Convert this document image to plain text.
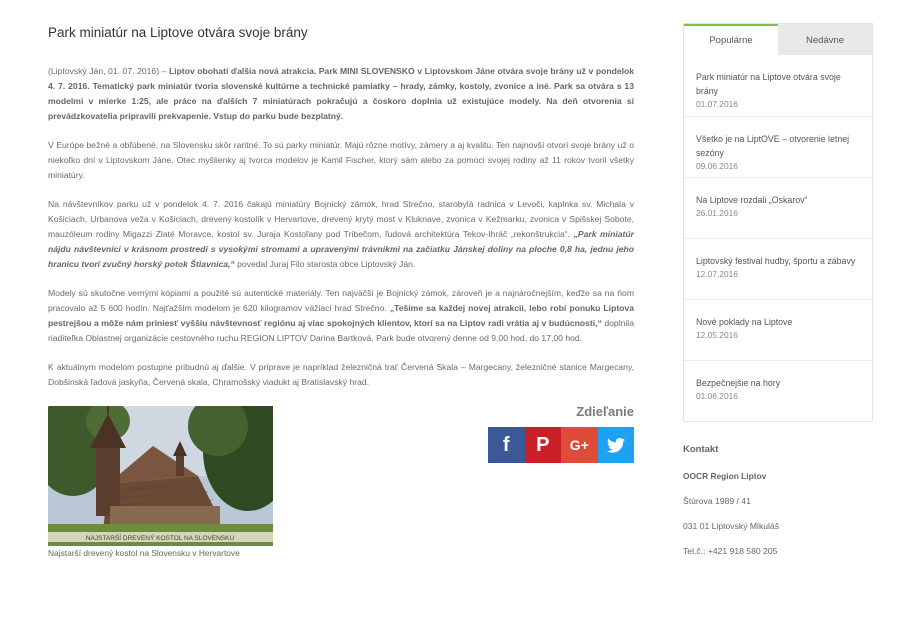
Park miniatúr na Liptove otvára svoje brány

(Liptovský Ján, 01. 07. 2016) – Liptov obohatí ďalšia nová atrakcia. Park MINI SLOVENSKO v Liptovskom Jáne otvára svoje brány už v pondelok 4. 7. 2016. Tematický park miniatúr tvoria slovenské kultúrne a technické pamiatky – hrady, zámky, kostoly, zvonice a iné. Park sa otvára s 13 modelmi v mierke 1:25, ale práce na ďalších 7 miniatúrach pokračujú a čoskoro doplnia už existujúce modely. Na deň otvorenia si prevádzkovatelia pripravili prekvapenie. Vstup do parku bude bezplatný.

V Európe bežné a obľúbené, na Slovensku skôr raritné. To sú parky miniatúr. Majú rôzne motívy, zámery a aj kvalitu. Ten najnovší otvorí svoje brány už o niekoľko dní v Liptovskom Jáne. Otec myšlienky aj tvorca modelov je Kamil Fischer, ktorý sám alebo za pomoci svojej rodiny až 11 rokov tvoril všetky miniatúry.

Na návštevníkov parku už v pondelok 4. 7. 2016 čakajú miniatúry Bojnický zámok, hrad Strečno, starobylá radnica v Levoči, kaplnka sv. Michala v Košiciach, Urbanova veža v Košiciach, drevený kostolík v Hervartove, drevený krytý most v Kluknave, zvonica v Kežmarku, zvonica v Spišskej Sobote, mauzóleum rodiny Migazzi Zlaté Moravce, kostol sv. Juraja Kostoľany pod Tribečom, ľudová architektúra Tekov-Ihráč „rekonštrukcia“. „Park miniatúr nájdu návštevníci v krásnom prostredí s vysokými stromami a upravenými trávnikmi na začiatku Jánskej doliny na ploche 0,8 ha, jednu jeho hranicu tvorí zvučný horský potok Štiavnica,“ povedal Juraj Filo starosta obce Liptovský Ján.

Modely sú skutočne vernými kópiami a použité sú autentické materiály. Ten najväčší je Bojnický zámok, zároveň je a najnáročnejším, keďže sa na ňom pracovalo až 5 600 hodín. Najťažším modelom je 620 kilogramov vážiaci hrad Strečno. „Tešíme sa každej novej atrakcii, lebo robí ponuku Liptova pestrejšou a môže nám priniesť vyššiu návštevnosť regiónu aj viac spokojných klientov, ktorí sa na Liptov radi vrátia aj v budúcnosti,“ doplnila riaditeľka Oblastnej organizácie cestovného ruchu REGION LIPTOV Darina Bartková. Park bude otvorený denne od 9,00 hod. do 17,00 hod.

K aktuálnym modelom postupne pribudnú aj ďalšie. V príprave je napríklad železničná trať Červená Skala – Margecany, železničné stanice Margecany, Dobšinská ľadová jaskyňa, Červená skala, Chramošský viadukt aj Bratislavský hrad.

NAJSTARŠÍ DREVENÝ KOSTOL NA SLOVENSKU
Najstarší drevený kostol na Slovensku v Hervartove
Zdieľanie
f P G+
Populárne	Nedávne
Park miniatúr na Liptove otvára svoje brány
01.07.2016
Všetko je na LiptOVE – otvorenie letnej sezóny
09.06.2016
Na Liptove rozdali „Oskarov“
26.01.2016
Liptovský festival hudby, športu a zábavy
12.07.2016
Nové poklady na Liptove
12.05.2016
Bezpečnejšie na hory
01.06.2016
Kontakt
OOCR Region Liptov
Štúrova 1989 / 41
031 01 Liptovský Mikuláš
Tel.č.: +421 918 580 205
